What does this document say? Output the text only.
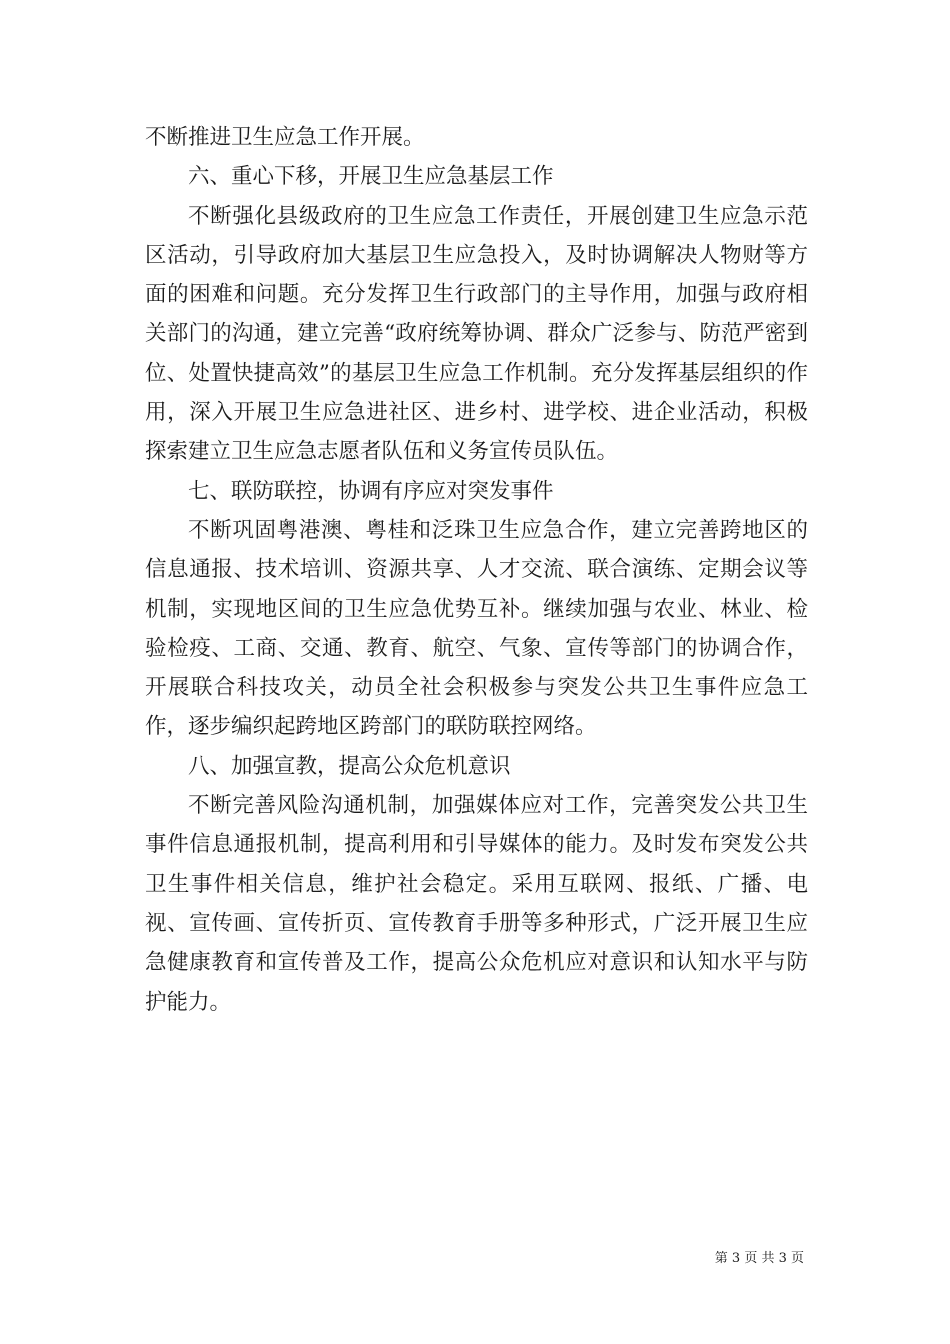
不断推进卫生应急工作开展。

六、重心下移，开展卫生应急基层工作

不断强化县级政府的卫生应急工作责任，开展创建卫生应急示范区活动，引导政府加大基层卫生应急投入，及时协调解决人物财等方面的困难和问题。充分发挥卫生行政部门的主导作用，加强与政府相关部门的沟通，建立完善“政府统筹协调、群众广泛参与、防范严密到位、处置快捷高效”的基层卫生应急工作机制。充分发挥基层组织的作用，深入开展卫生应急进社区、进乡村、进学校、进企业活动，积极探索建立卫生应急志愿者队伍和义务宣传员队伍。

七、联防联控，协调有序应对突发事件

不断巩固粤港澳、粤桂和泛珠卫生应急合作，建立完善跨地区的信息通报、技术培训、资源共享、人才交流、联合演练、定期会议等机制，实现地区间的卫生应急优势互补。继续加强与农业、林业、检验检疫、工商、交通、教育、航空、气象、宣传等部门的协调合作，开展联合科技攻关，动员全社会积极参与突发公共卫生事件应急工作，逐步编织起跨地区跨部门的联防联控网络。

八、加强宣教，提高公众危机意识

不断完善风险沟通机制，加强媒体应对工作，完善突发公共卫生事件信息通报机制，提高利用和引导媒体的能力。及时发布突发公共卫生事件相关信息，维护社会稳定。采用互联网、报纸、广播、电视、宣传画、宣传折页、宣传教育手册等多种形式，广泛开展卫生应急健康教育和宣传普及工作，提高公众危机应对意识和认知水平与防护能力。

第 3 页 共 3 页
